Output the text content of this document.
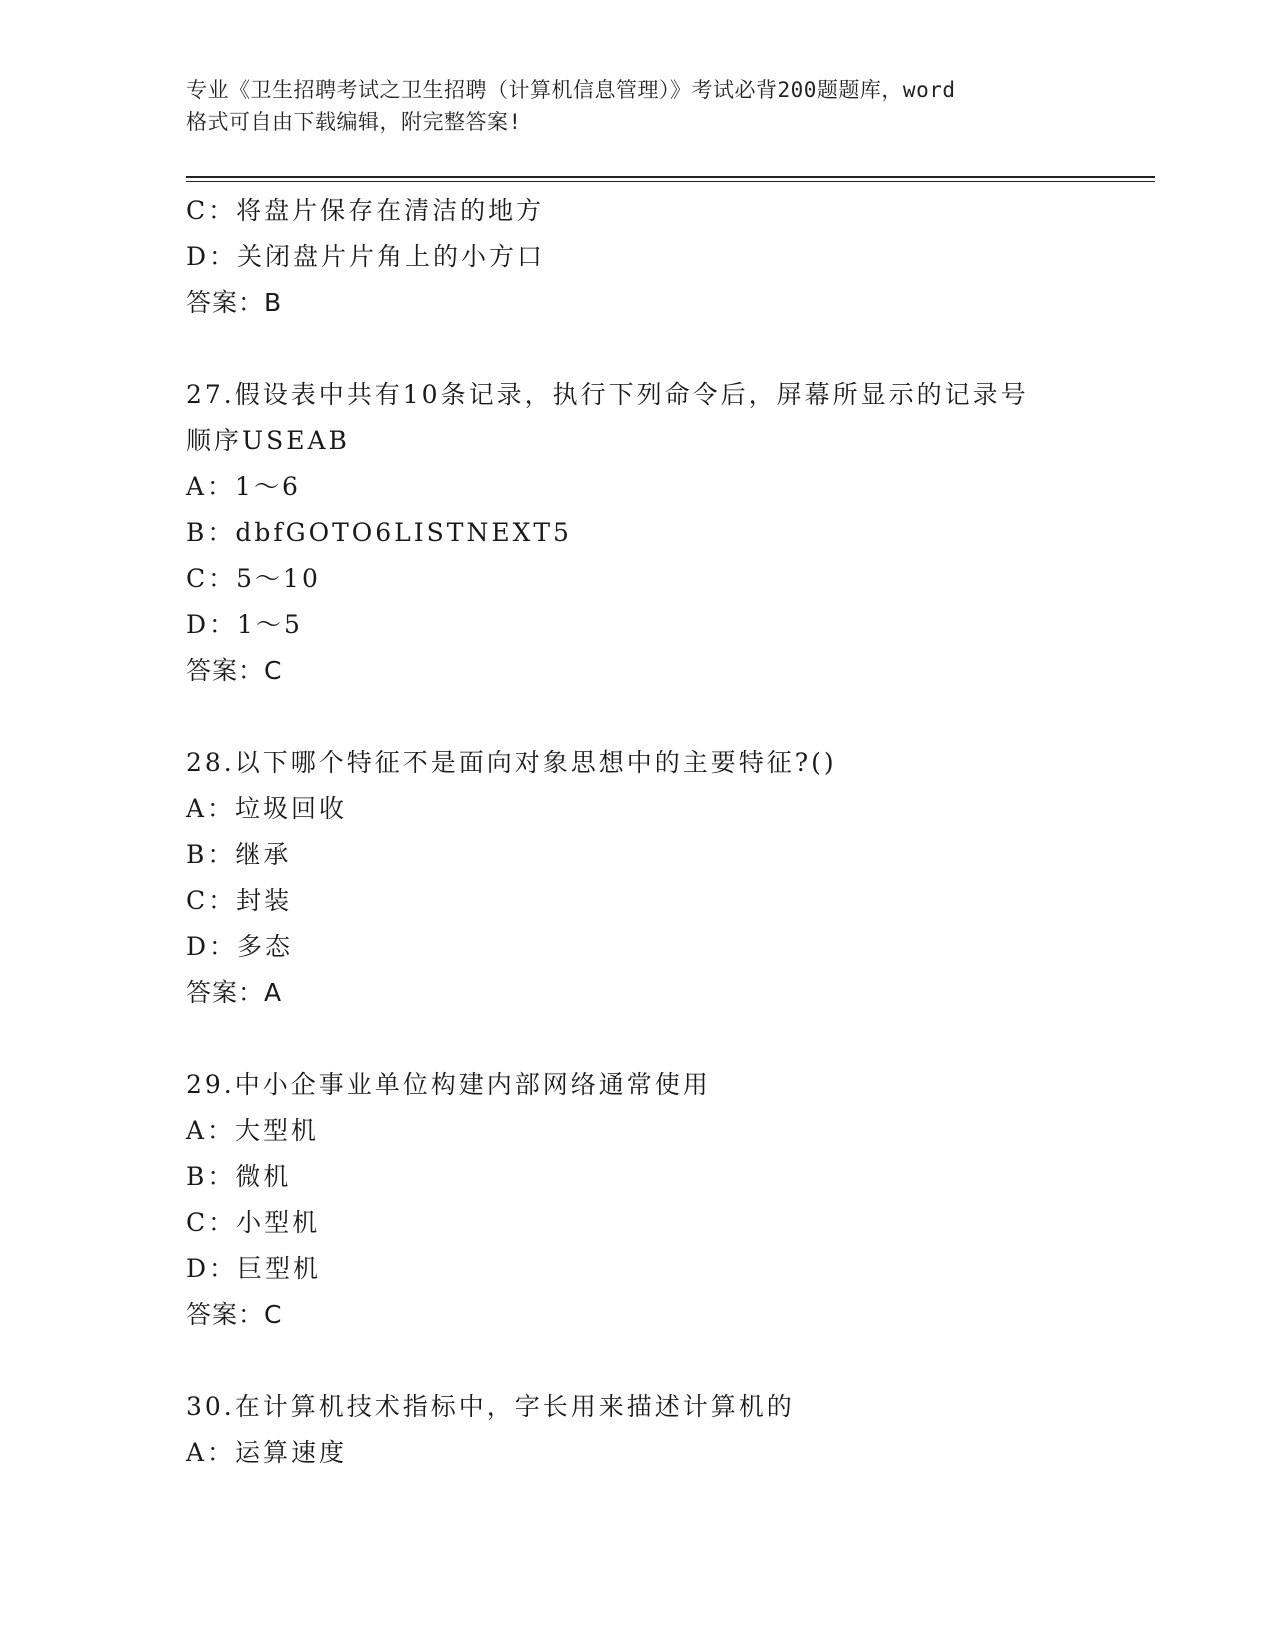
专业《卫生招聘考试之卫生招聘（计算机信息管理）》考试必背200题题库，word
格式可自由下载编辑，附完整答案!
C：将盘片保存在清洁的地方
D：关闭盘片片角上的小方口
答案：B
27.假设表中共有10条记录，执行下列命令后，屏幕所显示的记录号
顺序USEAB
A：1～6
B：dbfGOTO6LISTNEXT5
C：5～10
D：1～5
答案：C
28.以下哪个特征不是面向对象思想中的主要特征?()
A：垃圾回收
B：继承
C：封装
D：多态
答案：A
29.中小企事业单位构建内部网络通常使用
A：大型机
B：微机
C：小型机
D：巨型机
答案：C
30.在计算机技术指标中，字长用来描述计算机的
A：运算速度
